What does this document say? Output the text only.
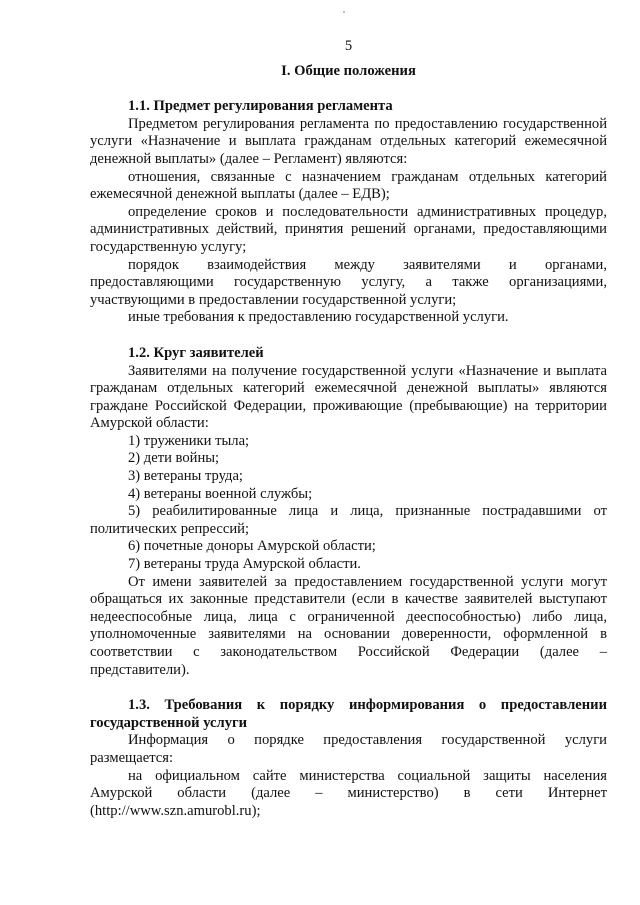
5
I. Общие положения
1.1. Предмет регулирования регламента
Предметом регулирования регламента по предоставлению государственной услуги «Назначение и выплата гражданам отдельных категорий ежемесячной денежной выплаты» (далее – Регламент) являются:
отношения, связанные с назначением гражданам отдельных категорий ежемесячной денежной выплаты (далее – ЕДВ);
определение сроков и последовательности административных процедур, административных действий, принятия решений органами, предоставляющими государственную услугу;
порядок взаимодействия между заявителями и органами, предоставляющими государственную услугу, а также организациями, участвующими в предоставлении государственной услуги;
иные требования к предоставлению государственной услуги.
1.2. Круг заявителей
Заявителями на получение государственной услуги «Назначение и выплата гражданам отдельных категорий ежемесячной денежной выплаты» являются граждане Российской Федерации, проживающие (пребывающие) на территории Амурской области:
1) труженики тыла;
2) дети войны;
3) ветераны труда;
4) ветераны военной службы;
5) реабилитированные лица и лица, признанные пострадавшими от политических репрессий;
6) почетные доноры Амурской области;
7) ветераны труда Амурской области.
От имени заявителей за предоставлением государственной услуги могут обращаться их законные представители (если в качестве заявителей выступают недееспособные лица, лица с ограниченной дееспособностью) либо лица, уполномоченные заявителями на основании доверенности, оформленной в соответствии с законодательством Российской Федерации (далее – представители).
1.3. Требования к порядку информирования о предоставлении государственной услуги
Информация о порядке предоставления государственной услуги размещается:
на официальном сайте министерства социальной защиты населения Амурской области (далее – министерство) в сети Интернет (http://www.szn.amurobl.ru);
